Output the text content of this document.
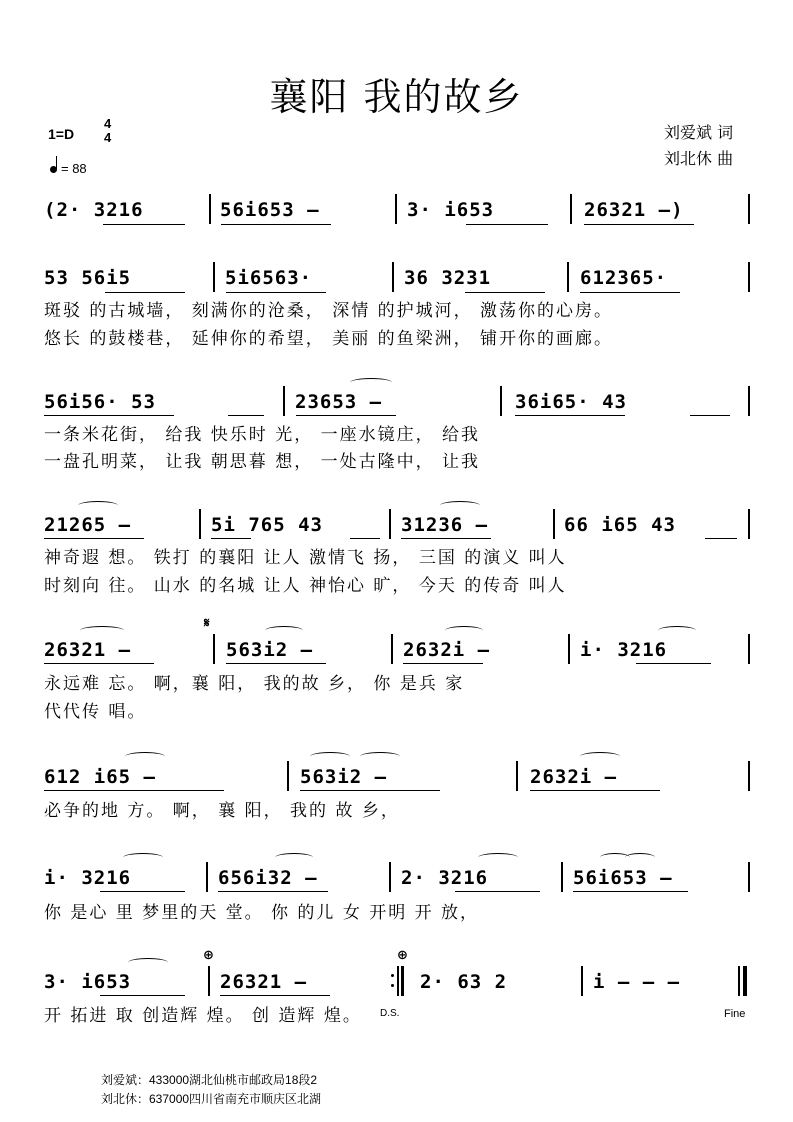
襄阳 我的故乡
1=D
4
4
= 88
刘爱斌 词
刘北休 曲
(2· 3216	56i653 –	3· i653	26321 –)
53 56i5	5i6563·	36 3231	612365·
斑驳 的古城墙， 刻满你的沧桑， 深情 的护城河， 激荡你的心房。
悠长 的鼓楼巷， 延伸你的希望， 美丽 的鱼梁洲， 铺开你的画廊。
56i56· 53	23653 –	36i65· 43
一条米花街， 给我 快乐时 光， 一座水镜庄， 给我
一盘孔明菜， 让我 朝思暮 想， 一处古隆中， 让我
21265 –	5i 765 43	31236 –	66 i65 43
神奇遐 想。 铁打 的襄阳 让人 激情飞 扬， 三国 的演义 叫人
时刻向 往。 山水 的名城 让人 神怡心 旷， 今天 的传奇 叫人
𝄋
26321 –	563i2 –	2632i –	i· 3216
永远难 忘。 啊，襄 阳， 我的故 乡， 你 是兵 家
代代传 唱。
612 i65 –	563i2 –	2632i –
必争的地 方。 啊， 襄 阳， 我的 故 乡，
i· 3216	656i32 –	2· 3216	56i653 –
你 是心 里 梦里的天 堂。 你 的儿 女 开明 开 放，
⊕	⊕
3· i653	26321 –	2· 63 2	i – – –
开 拓进 取 创造辉 煌。 创 造辉 煌。 D.S.	Fine
刘爱斌：433000湖北仙桃市邮政局18段2
刘北休：637000四川省南充市顺庆区北湖
